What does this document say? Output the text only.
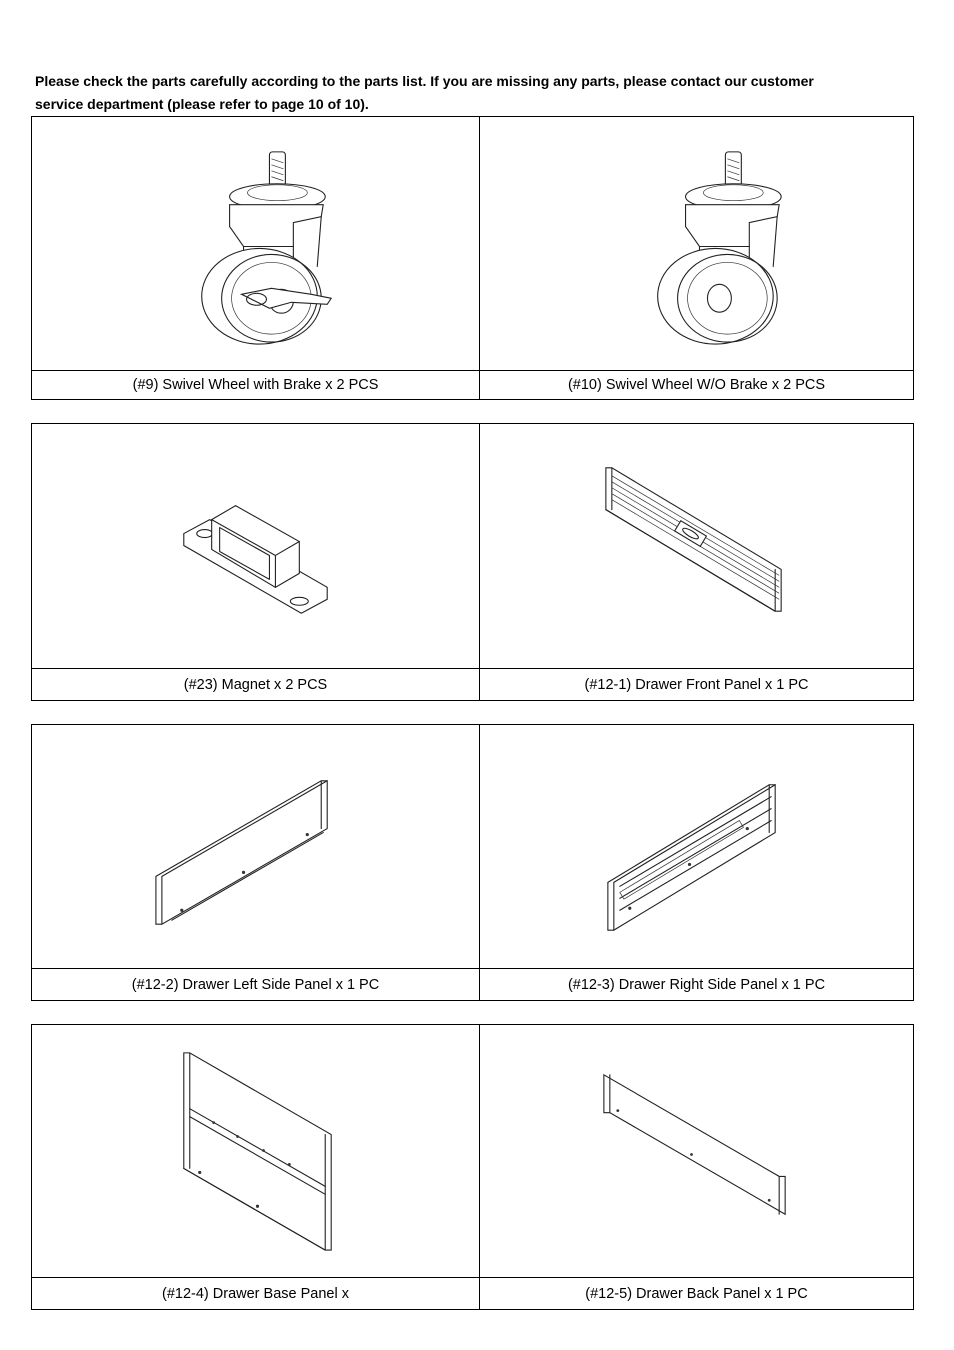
Please check the parts carefully according to the parts list. If you are missing any parts, please contact our customer
service department (please refer to page 10 of 10).

(#9) Swivel Wheel with Brake x 2 PCS	(#10) Swivel Wheel W/O Brake x 2 PCS

(#23) Magnet x 2 PCS	(#12-1) Drawer Front Panel x 1 PC

(#12-2) Drawer Left Side Panel x 1 PC	(#12-3) Drawer Right Side Panel x 1 PC

(#12-4) Drawer Base Panel x	(#12-5) Drawer Back Panel x 1 PC
